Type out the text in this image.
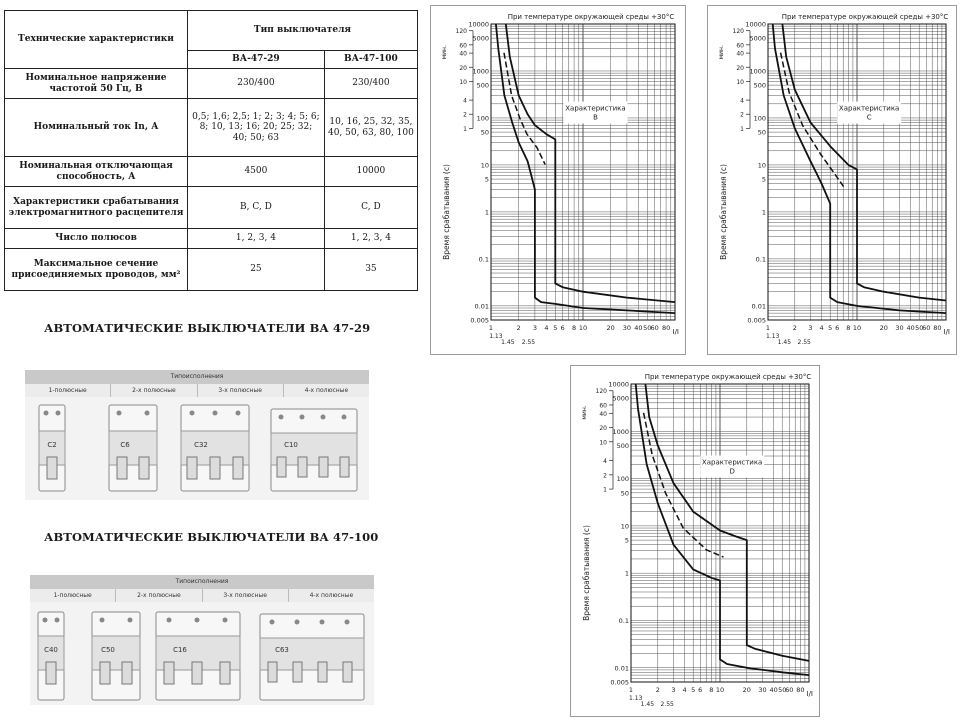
Технические характеристики	Тип выключателя	
	ВА-47-29	ВА-47-100
Номинальное напряжение частотой 50 Гц, В	230/400	230/400
Номинальный ток In, А	0,5; 1,6; 2,5; 1; 2; 3; 4; 5; 6; 8; 10, 13; 16; 20; 25; 32; 40; 50; 63	10, 16, 25, 32, 35, 40, 50, 63, 80, 100
Номинальная отключающая способность, А	4500	10000
Характеристики срабатывания электромагнитного расцепителя	B, C, D	C, D
Число полюсов	1, 2, 3, 4	1, 2, 3, 4
Максимальное сечение присоединяемых проводов, мм²	25	35
АВТОМАТИЧЕСКИЕ ВЫКЛЮЧАТЕЛИ ВА 47-29
АВТОМАТИЧЕСКИЕ ВЫКЛЮЧАТЕЛИ ВА 47-100
Типоисполнения
1-полюсные	2-х полюсные	3-х полюсные	4-х полюсные
C2	C6	C32	C10
Типоисполнения
1-полюсные	2-х полюсные	3-х полюсные	4-х полюсные
C40	C50	C16	C63
При температуре окружающей среды +30°C
10000
5000
1000
500
100
50
10
5
1
0.1
0.01
0.005
120
60
40
20
10
4
2
1
мин.
Время срабатывания (с)
1	2 3 4 5 6 8 10	20 30 40 50 60 80
1.13
1.45 2.55
I/I
Характеристика
B
При температуре окружающей среды +30°C
10000
5000
1000
500
100
50
10
5
1
0.1
0.01
0.005
120
60
40
20
10
4
2
1
мин.
Время срабатывания (с)
1	2 3 4 5 6 8 10	20 30 40 50
60 80
1.13
1.45 2.55
I/I
Характеристика
C
При температуре окружающей среды +30°C
10000
5000
1000
500
100
50
10
5
1
0.1
0.01
0.005
120
60
40
20
10
4
2
1
мин.
Время срабатывания (с)
1	2 3 4 5 6 8 10	20 30 40 50
60 80
1.13
1.45 2.55
I/I
Характеристика
D
